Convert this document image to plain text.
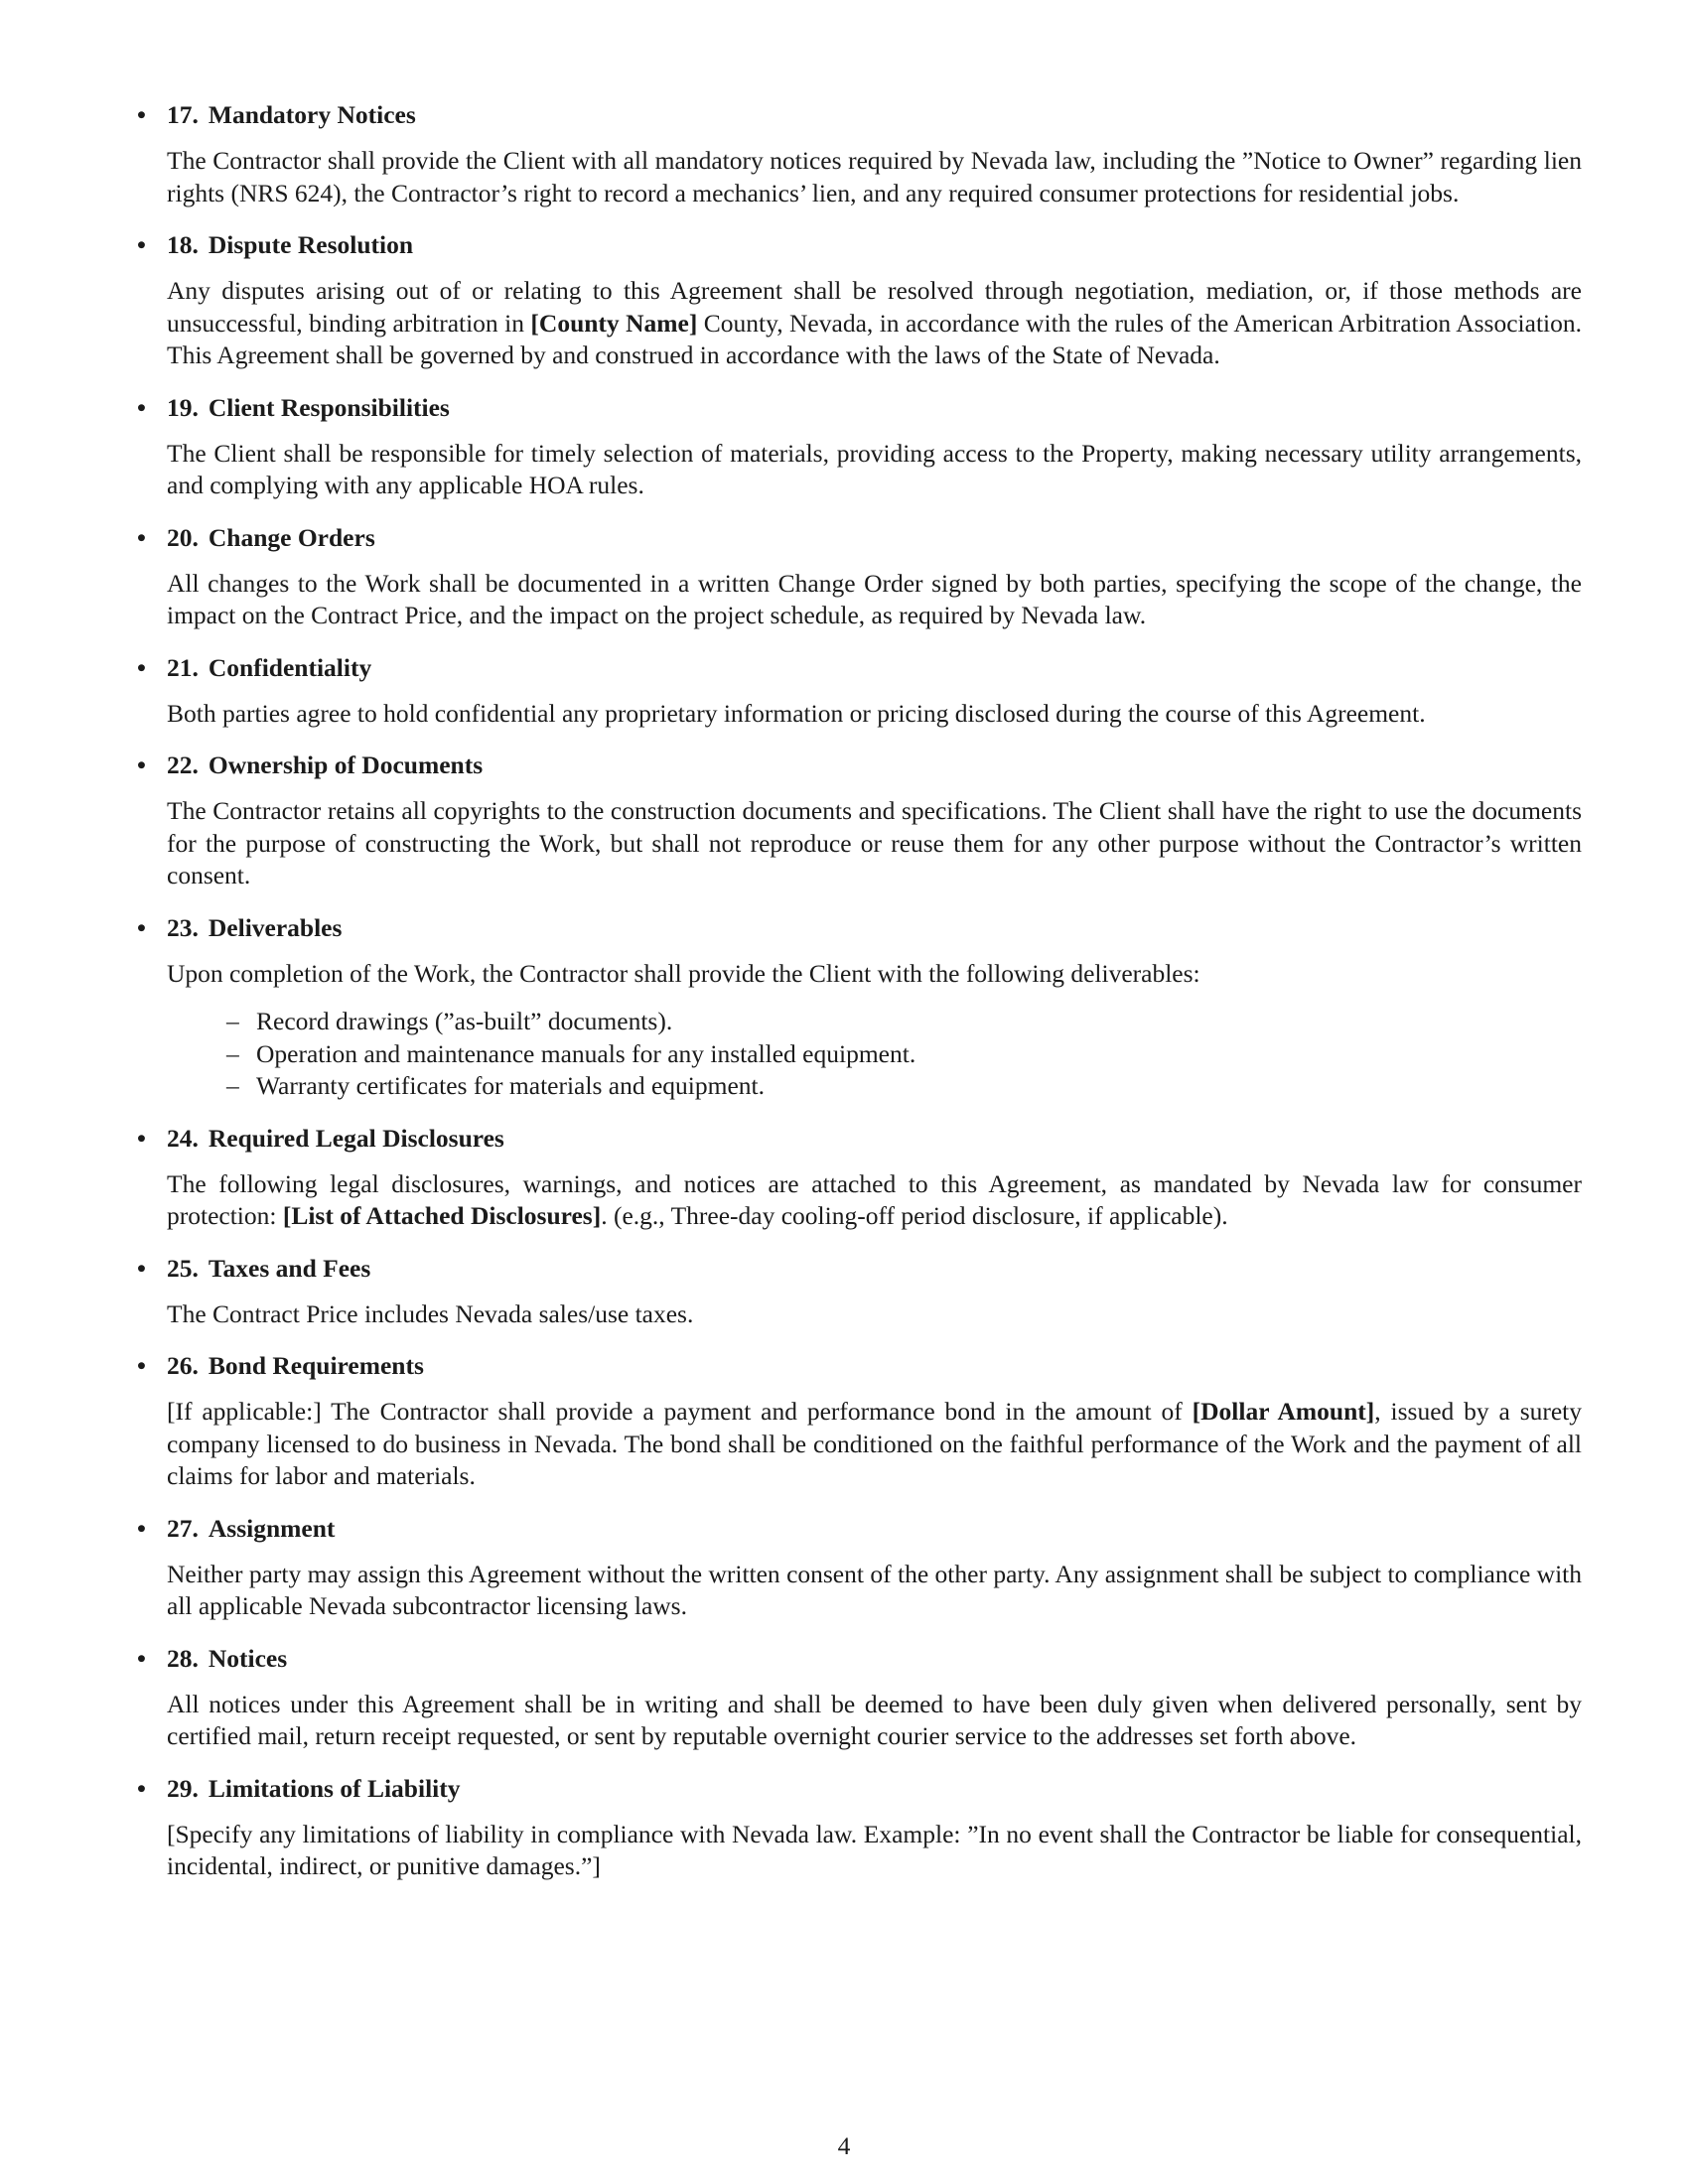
• 17. Mandatory Notices
The Contractor shall provide the Client with all mandatory notices required by Nevada law, including the ”Notice to Owner” regarding lien rights (NRS 624), the Contractor’s right to record a mechanics’ lien, and any required consumer protections for residential jobs.
• 18. Dispute Resolution
Any disputes arising out of or relating to this Agreement shall be resolved through negotiation, mediation, or, if those methods are unsuccessful, binding arbitration in [County Name] County, Nevada, in accordance with the rules of the American Arbitration Association. This Agreement shall be governed by and construed in accordance with the laws of the State of Nevada.
• 19. Client Responsibilities
The Client shall be responsible for timely selection of materials, providing access to the Property, making necessary utility arrangements, and complying with any applicable HOA rules.
• 20. Change Orders
All changes to the Work shall be documented in a written Change Order signed by both parties, specifying the scope of the change, the impact on the Contract Price, and the impact on the project schedule, as required by Nevada law.
• 21. Confidentiality
Both parties agree to hold confidential any proprietary information or pricing disclosed during the course of this Agreement.
• 22. Ownership of Documents
The Contractor retains all copyrights to the construction documents and specifications. The Client shall have the right to use the documents for the purpose of constructing the Work, but shall not reproduce or reuse them for any other purpose without the Contractor’s written consent.
• 23. Deliverables
Upon completion of the Work, the Contractor shall provide the Client with the following deliverables:
– Record drawings (”as-built” documents).
– Operation and maintenance manuals for any installed equipment.
– Warranty certificates for materials and equipment.
• 24. Required Legal Disclosures
The following legal disclosures, warnings, and notices are attached to this Agreement, as mandated by Nevada law for consumer protection: [List of Attached Disclosures]. (e.g., Three-day cooling-off period disclosure, if applicable).
• 25. Taxes and Fees
The Contract Price includes Nevada sales/use taxes.
• 26. Bond Requirements
[If applicable:] The Contractor shall provide a payment and performance bond in the amount of [Dollar Amount], issued by a surety company licensed to do business in Nevada. The bond shall be conditioned on the faithful performance of the Work and the payment of all claims for labor and materials.
• 27. Assignment
Neither party may assign this Agreement without the written consent of the other party. Any assignment shall be subject to compliance with all applicable Nevada subcontractor licensing laws.
• 28. Notices
All notices under this Agreement shall be in writing and shall be deemed to have been duly given when delivered personally, sent by certified mail, return receipt requested, or sent by reputable overnight courier service to the addresses set forth above.
• 29. Limitations of Liability
[Specify any limitations of liability in compliance with Nevada law. Example: ”In no event shall the Contractor be liable for consequential, incidental, indirect, or punitive damages.”]
4
